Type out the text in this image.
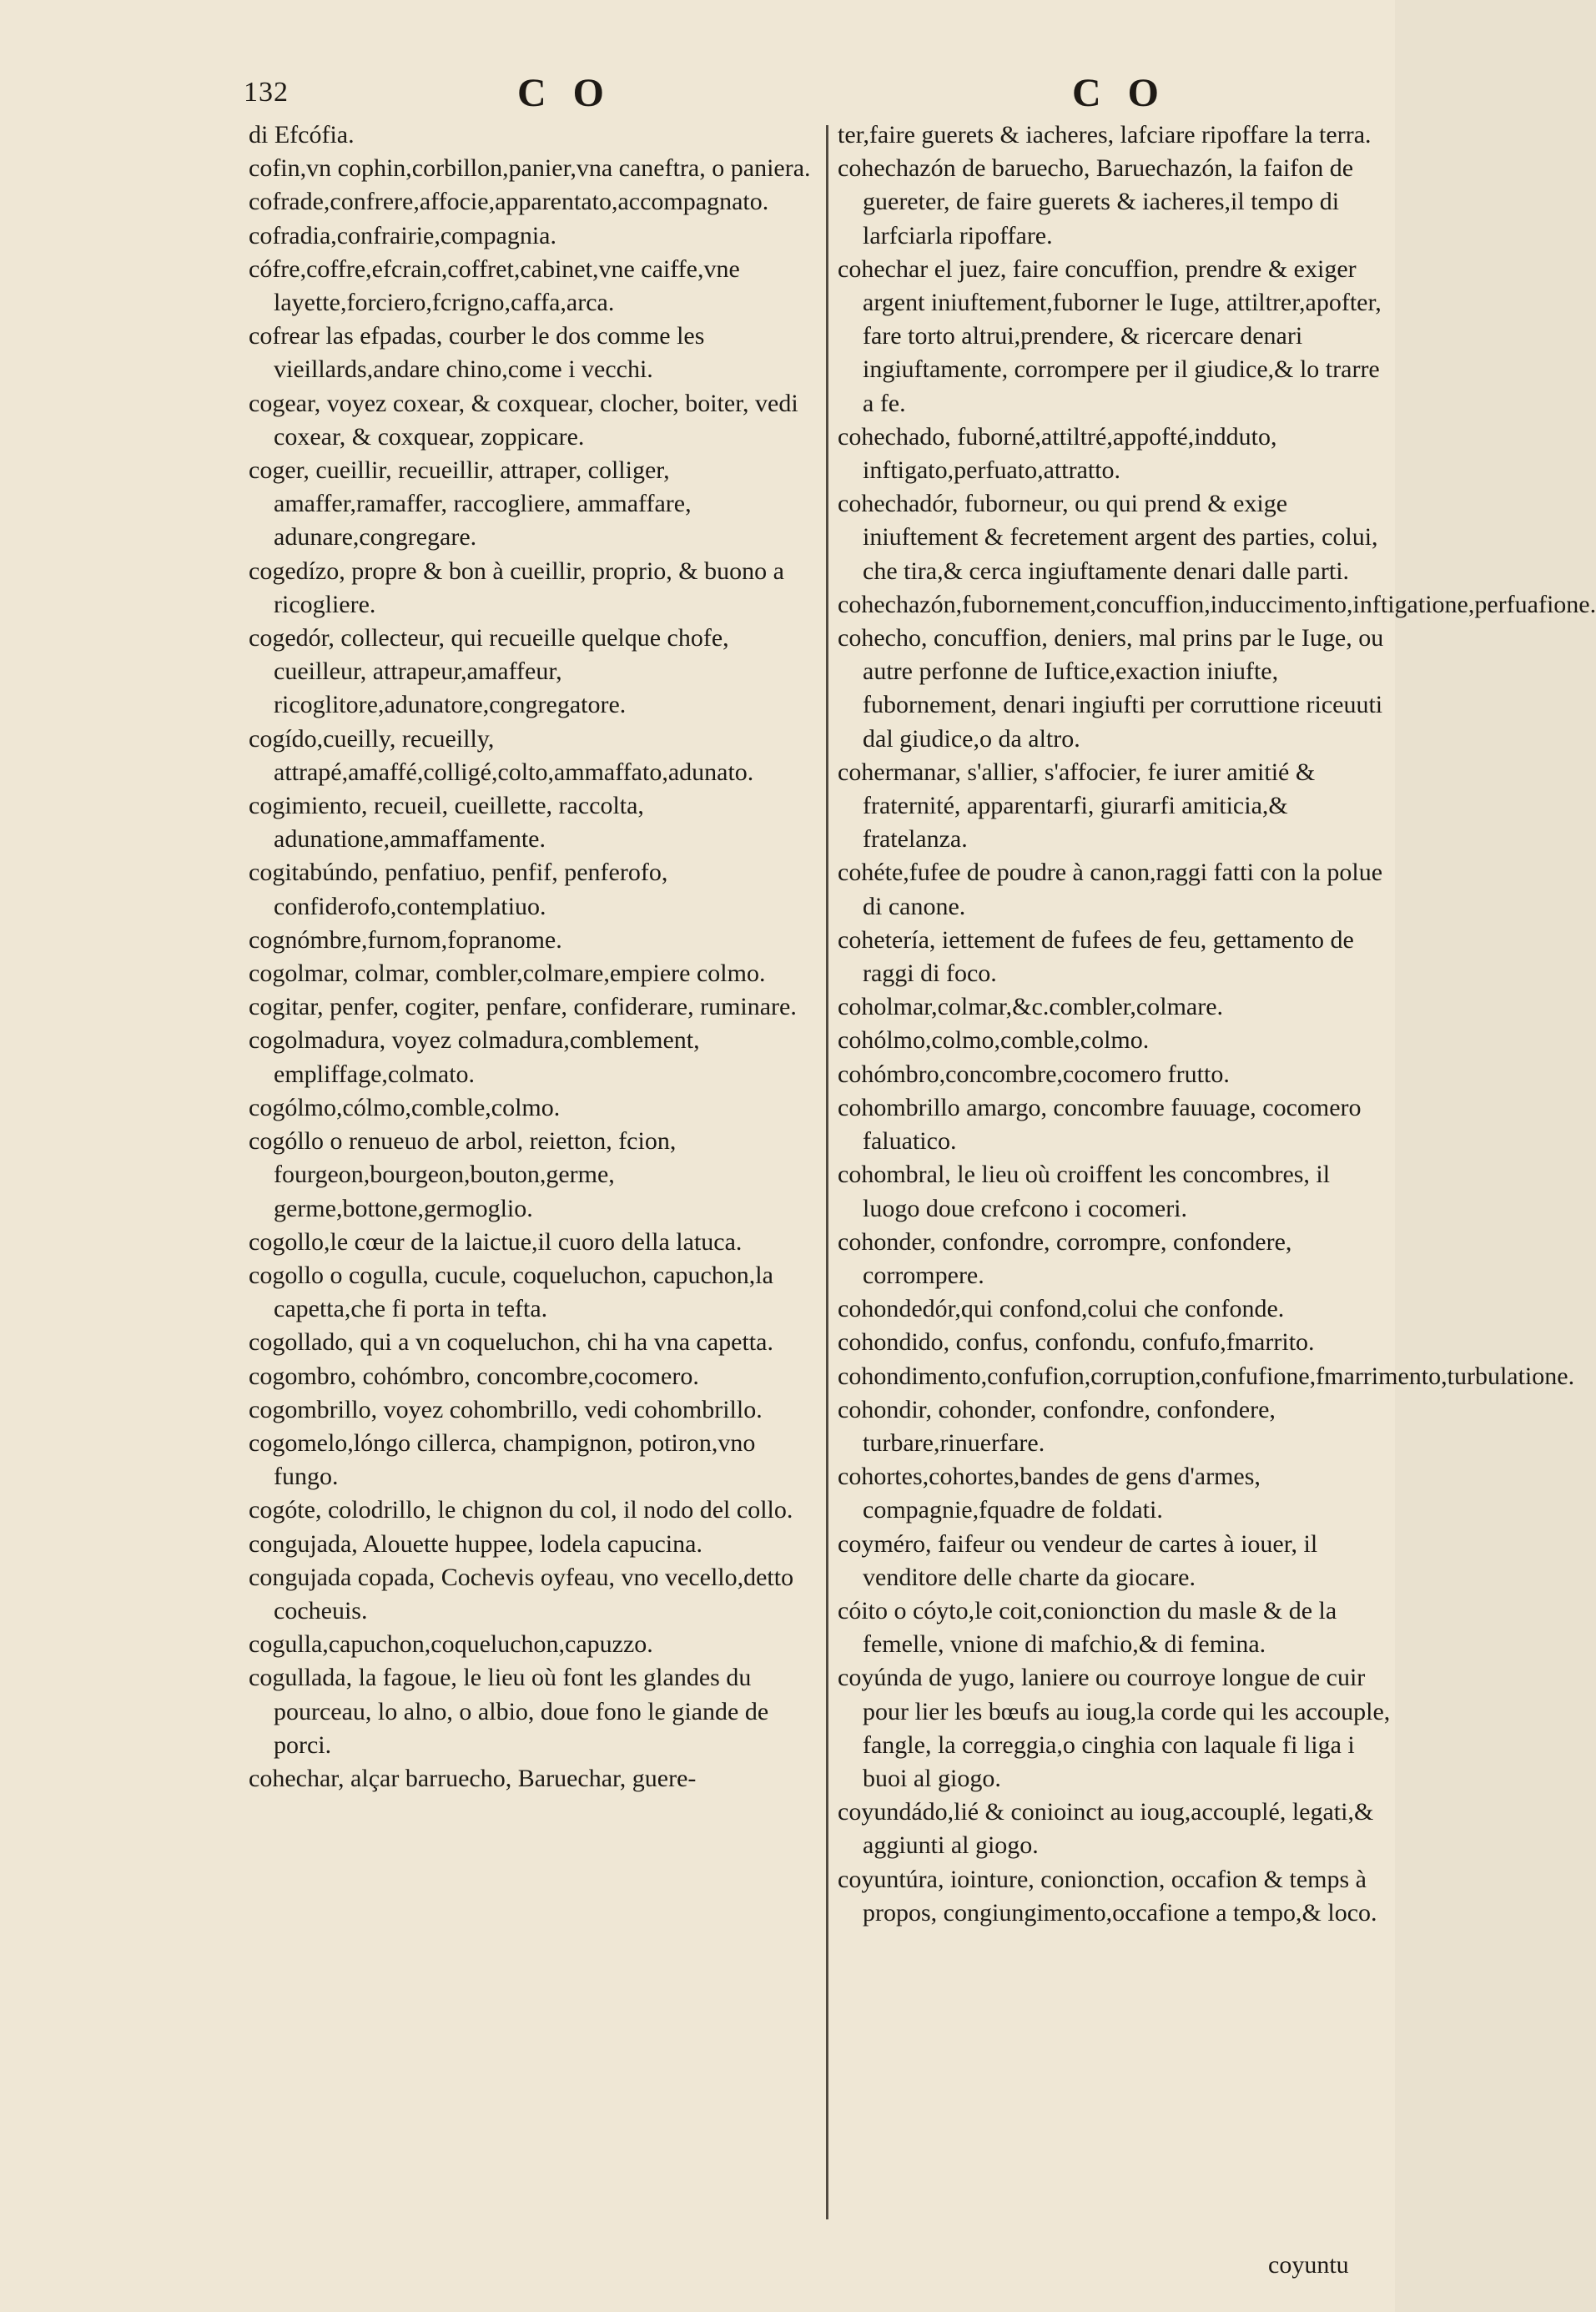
132	C O	C O

di Efcófia.

cofin,vn cophin,corbillon,panier,vna caneftra, o paniera.

cofrade,confrere,affocie,apparentato,accompagnato.

cofradia,confrairie,compagnia.

cófre,coffre,efcrain,coffret,cabinet,vne caiffe,vne layette,forciero,fcrigno,caffa,arca.

cofrear las efpadas, courber le dos comme les vieillards,andare chino,come i vecchi.

cogear, voyez coxear, & coxquear, clocher, boiter, vedi coxear, & coxquear, zoppicare.

coger, cueillir, recueillir, attraper, colliger, amaffer,ramaffer, raccogliere, ammaffare, adunare,congregare.

cogedízo, propre & bon à cueillir, proprio, & buono a ricogliere.

cogedór, collecteur, qui recueille quelque chofe, cueilleur, attrapeur,amaffeur, ricoglitore,adunatore,congregatore.

cogído,cueilly, recueilly, attrapé,amaffé,colligé,colto,ammaffato,adunato.

cogimiento, recueil, cueillette, raccolta, adunatione,ammaffamente.

cogitabúndo, penfatiuo, penfif, penferofo, confiderofo,contemplatiuo.

cognómbre,furnom,fopranome.

cogolmar, colmar, combler,colmare,empiere colmo.

cogitar, penfer, cogiter, penfare, confiderare, ruminare.

cogolmadura, voyez colmadura,comblement, empliffage,colmato.

cogólmo,cólmo,comble,colmo.

cogóllo o renueuo de arbol, reietton, fcion, fourgeon,bourgeon,bouton,germe, germe,bottone,germoglio.

cogollo,le cœur de la laictue,il cuoro della latuca.

cogollo o cogulla, cucule, coqueluchon, capuchon,la capetta,che fi porta in tefta.

cogollado, qui a vn coqueluchon, chi ha vna capetta.

cogombro, cohómbro, concombre,cocomero.

cogombrillo, voyez cohombrillo, vedi cohombrillo.

cogomelo,lóngo cillerca, champignon, potiron,vno fungo.

cogóte, colodrillo, le chignon du col, il nodo del collo.

congujada, Alouette huppee, lodela capucina.

congujada copada, Cochevis oyfeau, vno vecello,detto cocheuis.

cogulla,capuchon,coqueluchon,capuzzo.

cogullada, la fagoue, le lieu où font les glandes du pourceau, lo alno, o albio, doue fono le giande de porci.

cohechar, alçar barruecho, Baruechar, guere-

ter,faire guerets & iacheres, lafciare ripoffare la terra.

cohechazón de baruecho, Baruechazón, la faifon de guereter, de faire guerets & iacheres,il tempo di larfciarla ripoffare.

cohechar el juez, faire concuffion, prendre & exiger argent iniuftement,fuborner le Iuge, attiltrer,apofter, fare torto altrui,prendere, & ricercare denari ingiuftamente, corrompere per il giudice,& lo trarre a fe.

cohechado, fuborné,attiltré,appofté,indduto, inftigato,perfuato,attratto.

cohechadór, fuborneur, ou qui prend & exige iniuftement & fecretement argent des parties, colui, che tira,& cerca ingiuftamente denari dalle parti.

cohechazón,fubornement,concuffion,induccimento,inftigatione,perfuafione.

cohecho, concuffion, deniers, mal prins par le Iuge, ou autre perfonne de Iuftice,exaction iniufte, fubornement, denari ingiufti per corruttione riceuuti dal giudice,o da altro.

cohermanar, s'allier, s'affocier, fe iurer amitié & fraternité, apparentarfi, giurarfi amiticia,& fratelanza.

cohéte,fufee de poudre à canon,raggi fatti con la polue di canone.

cohetería, iettement de fufees de feu, gettamento de raggi di foco.

coholmar,colmar,&c.combler,colmare.

cohólmo,colmo,comble,colmo.

cohómbro,concombre,cocomero frutto.

cohombrillo amargo, concombre fauuage, cocomero faluatico.

cohombral, le lieu où croiffent les concombres, il luogo doue crefcono i cocomeri.

cohonder, confondre, corrompre, confondere, corrompere.

cohondedór,qui confond,colui che confonde.

cohondido, confus, confondu, confufo,fmarrito.

cohondimento,confufion,corruption,confufione,fmarrimento,turbulatione.

cohondir, cohonder, confondre, confondere, turbare,rinuerfare.

cohortes,cohortes,bandes de gens d'armes, compagnie,fquadre de foldati.

coyméro, faifeur ou vendeur de cartes à iouer, il venditore delle charte da giocare.

cóito o cóyto,le coit,conionction du masle & de la femelle, vnione di mafchio,& di femina.

coyúnda de yugo, laniere ou courroye longue de cuir pour lier les bœufs au ioug,la corde qui les accouple, fangle, la correggia,o cinghia con laquale fi liga i buoi al giogo.

coyundádo,lié & conioinct au ioug,accouplé, legati,& aggiunti al giogo.

coyuntúra, iointure, conionction, occafion & temps à propos, congiungimento,occafione a tempo,& loco.

coyuntu
